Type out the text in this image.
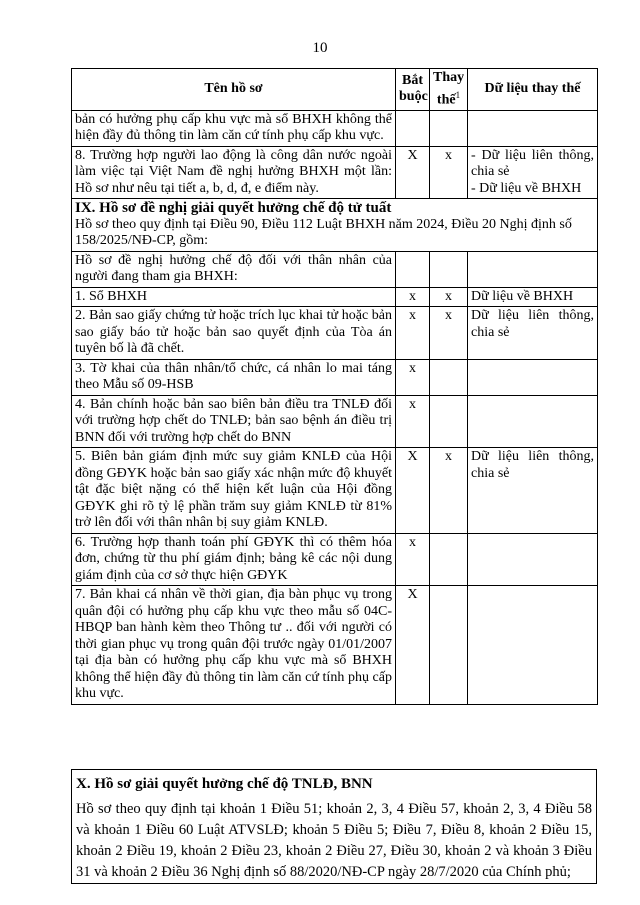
10
Tên hồ sơ	Bắt buộc	Thay thế$^1$	Dữ liệu thay thế
bản có hưởng phụ cấp khu vực mà sổ BHXH không thể hiện đầy đủ thông tin làm căn cứ tính phụ cấp khu vực.			
8. Trường hợp người lao động là công dân nước ngoài làm việc tại Việt Nam đề nghị hưởng BHXH một lần: Hồ sơ như nêu tại tiết a, b, d, đ, e điểm này.	X	x	- Dữ liệu liên thông, chia sẻ
- Dữ liệu về BHXH

IX. Hồ sơ đề nghị giải quyết hưởng chế độ tử tuất
Hồ sơ theo quy định tại Điều 90, Điều 112 Luật BHXH năm 2024, Điều 20 Nghị định số 158/2025/NĐ-CP, gồm:			

Hồ sơ đề nghị hưởng chế độ đối với thân nhân của người đang tham gia BHXH:			
1. Sổ BHXH	x	x	Dữ liệu về BHXH

2. Bản sao giấy chứng tử hoặc trích lục khai tử hoặc bản sao giấy báo tử hoặc bản sao quyết định của Tòa án tuyên bố là đã chết.	x	x	Dữ liệu liên thông, chia sẻ

3. Tờ khai của thân nhân/tổ chức, cá nhân lo mai táng theo Mẫu số 09-HSB	x		
4. Bản chính hoặc bản sao biên bản điều tra TNLĐ đối với trường hợp chết do TNLĐ; bản sao bệnh án điều trị BNN đối với trường hợp chết do BNN	x		
5. Biên bản giám định mức suy giảm KNLĐ của Hội đồng GĐYK hoặc bản sao giấy xác nhận mức độ khuyết tật đặc biệt nặng có thể hiện kết luận của Hội đồng GĐYK ghi rõ tỷ lệ phần trăm suy giảm KNLĐ từ 81% trở lên đối với thân nhân bị suy giảm KNLĐ.	X	x	Dữ liệu liên thông, chia sẻ

6. Trường hợp thanh toán phí GĐYK thì có thêm hóa đơn, chứng từ thu phí giám định; bảng kê các nội dung giám định của cơ sở thực hiện GĐYK	x		
7. Bản khai cá nhân về thời gian, địa bàn phục vụ trong quân đội có hưởng phụ cấp khu vực theo mẫu số 04C-HBQP ban hành kèm theo Thông tư .. đối với người có thời gian phục vụ trong quân đội trước ngày 01/01/2007 tại địa bàn có hưởng phụ cấp khu vực mà sổ BHXH không thể hiện đầy đủ thông tin làm căn cứ tính phụ cấp khu vực.	X		
X. Hồ sơ giải quyết hưởng chế độ TNLĐ, BNN
Hồ sơ theo quy định tại khoản 1 Điều 51; khoản 2, 3, 4 Điều 57, khoản 2, 3, 4 Điều 58 và khoản 1 Điều 60 Luật ATVSLĐ; khoản 5 Điều 5; Điều 7, Điều 8, khoản 2 Điều 15, khoản 2 Điều 19, khoản 2 Điều 23, khoản 2 Điều 27, Điều 30, khoản 2 và khoản 3 Điều 31 và khoản 2 Điều 36 Nghị định số 88/2020/NĐ-CP ngày 28/7/2020 của Chính phủ;
